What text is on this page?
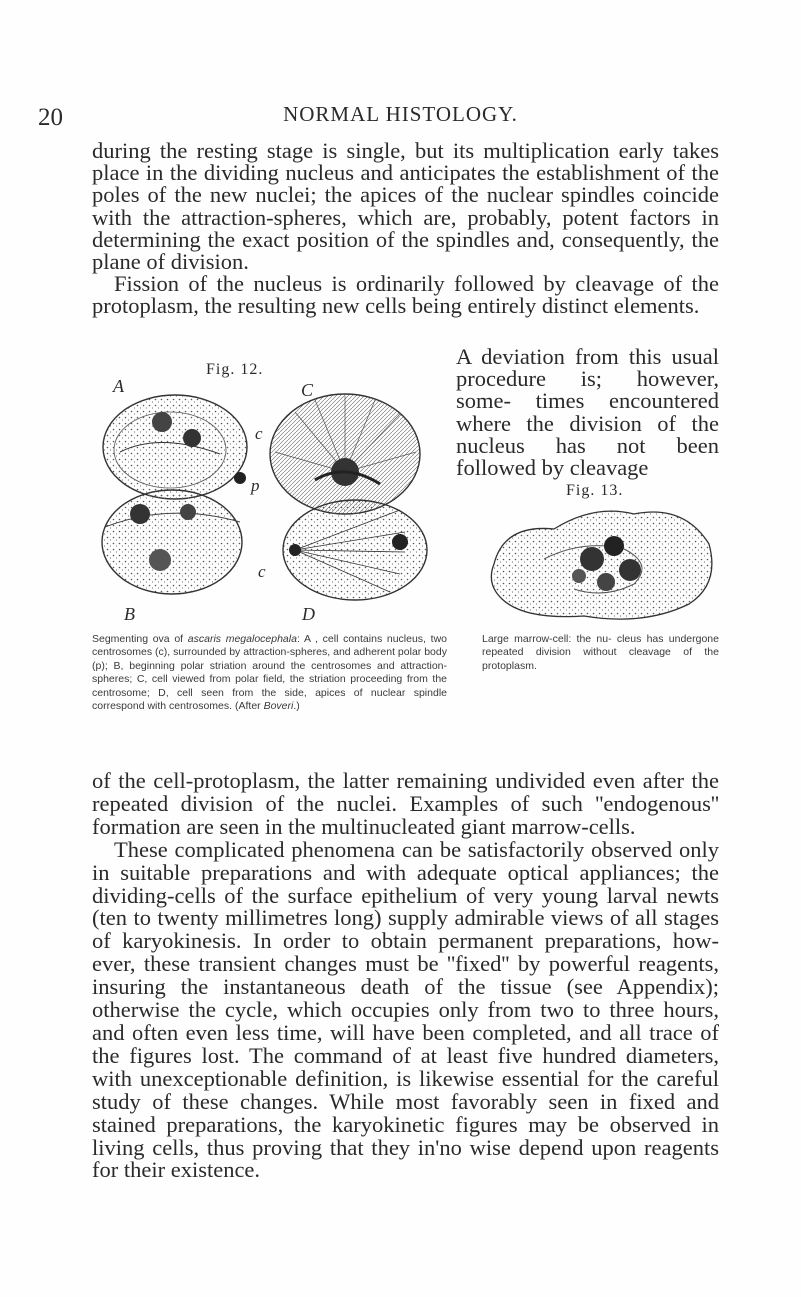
20	NORMAL HISTOLOGY.

during the resting stage is single, but its multiplication early takes place in the dividing nucleus and anticipates the establishment of the poles of the new nuclei; the apices of the nuclear spindles coincide with the attraction-spheres, which are, probably, potent factors in determining the exact position of the spindles and, consequently, the plane of division.

Fission of the nucleus is ordinarily followed by cleavage of the protoplasm, the resulting new cells being entirely distinct elements.

A deviation from this usual procedure is; however, some- times encountered where the division of the nucleus has not been followed by cleavage
Fig. 12.
A	C
B	D
c
p
c
Segmenting ova of ascaris megalocephala: A , cell contains nucleus, two centrosomes (c), surrounded by attraction-spheres, and adherent polar body (p); B, beginning polar striation around the centrosomes and attraction-spheres; C, cell viewed from polar field, the striation proceeding from the centrosome; D, cell seen from the side, apices of nuclear spindle correspond with centrosomes. (After Boveri.)
Fig. 13.
Large marrow-cell: the nu- cleus has undergone repeated division without cleavage of the protoplasm.

of the cell-protoplasm, the latter remaining undivided even after the repeated division of the nuclei. Examples of such ''endogenous'' formation are seen in the multinucleated giant marrow-cells.

These complicated phenomena can be satisfactorily observed only in suitable preparations and with adequate optical appliances; the dividing-cells of the surface epithelium of very young larval newts (ten to twenty millimetres long) supply admirable views of all stages of karyokinesis. In order to obtain permanent preparations, how- ever, these transient changes must be ''fixed'' by powerful reagents, insuring the instantaneous death of the tissue (see Appendix); otherwise the cycle, which occupies only from two to three hours, and often even less time, will have been completed, and all trace of the figures lost. The command of at least five hundred diameters, with unexceptionable definition, is likewise essential for the careful study of these changes. While most favorably seen in fixed and stained preparations, the karyokinetic figures may be observed in living cells, thus proving that they in'no wise depend upon reagents for their existence.
